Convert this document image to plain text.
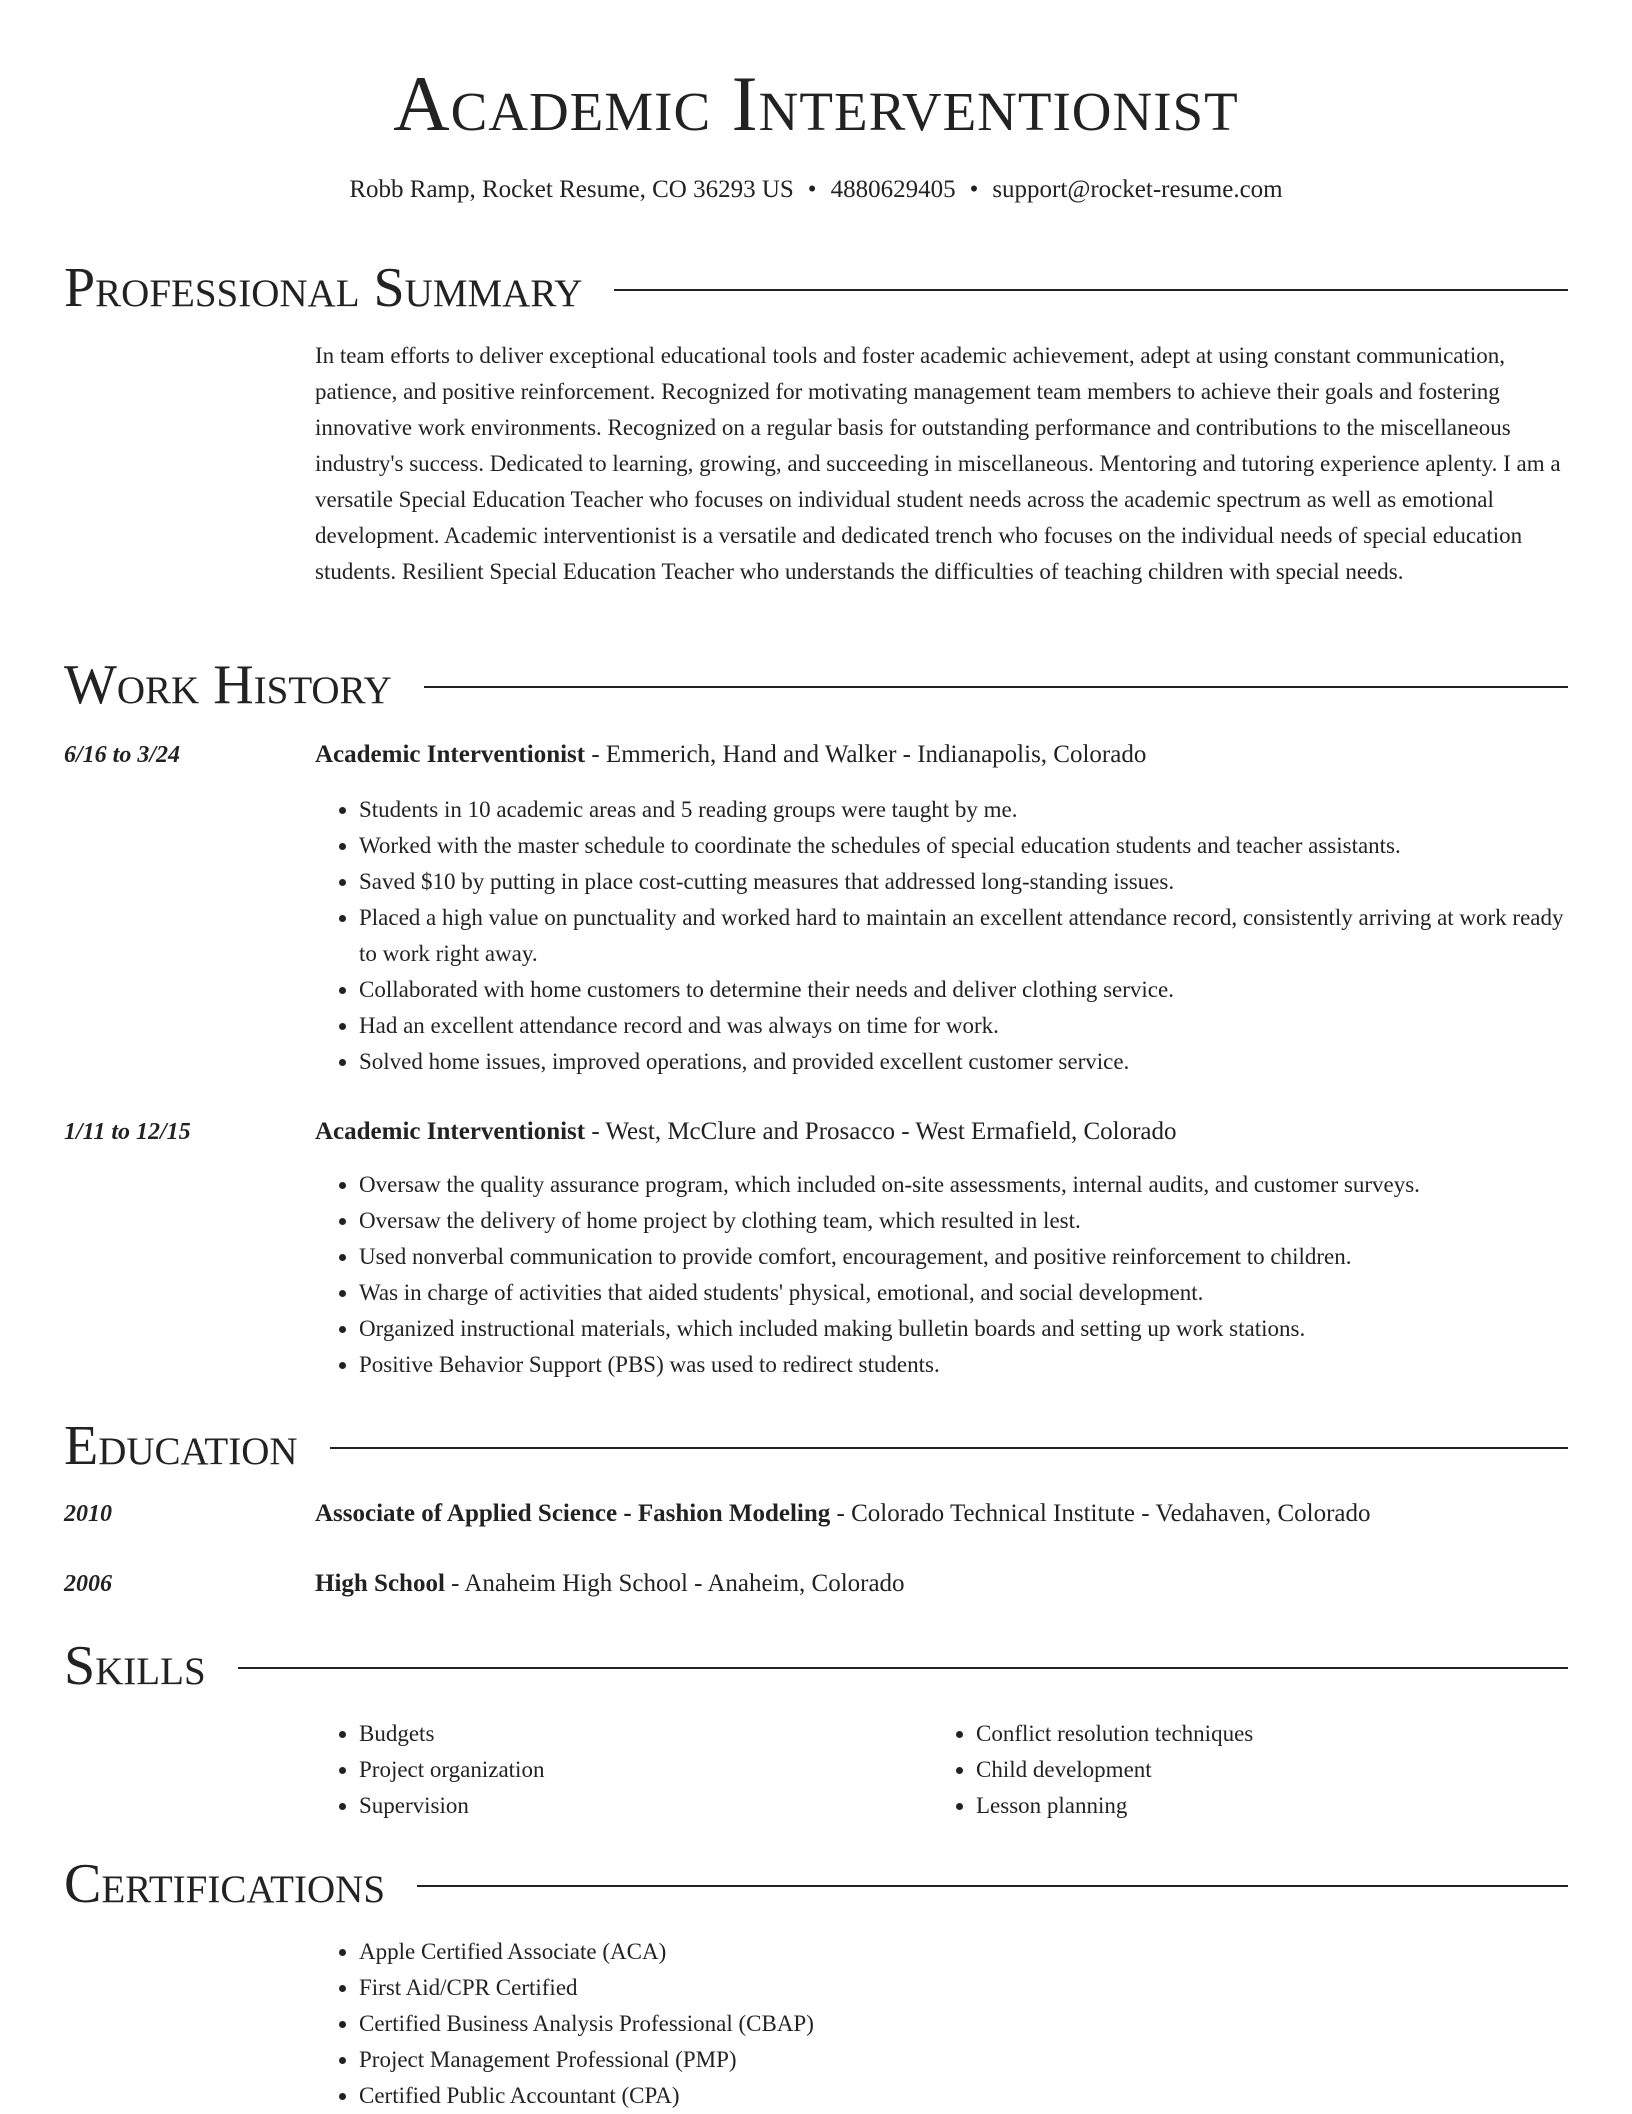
Academic Interventionist
Robb Ramp, Rocket Resume, CO 36293 US • 4880629405 • support@rocket-resume.com
Professional Summary

In team efforts to deliver exceptional educational tools and foster academic achievement, adept at using constant communication, patience, and positive reinforcement. Recognized for motivating management team members to achieve their goals and fostering innovative work environments. Recognized on a regular basis for outstanding performance and contributions to the miscellaneous industry's success. Dedicated to learning, growing, and succeeding in miscellaneous. Mentoring and tutoring experience aplenty. I am a versatile Special Education Teacher who focuses on individual student needs across the academic spectrum as well as emotional development. Academic interventionist is a versatile and dedicated trench who focuses on the individual needs of special education students. Resilient Special Education Teacher who understands the difficulties of teaching children with special needs.

Work History
6/16 to 3/24	Academic Interventionist - Emmerich, Hand and Walker - Indianapolis, Colorado
• Students in 10 academic areas and 5 reading groups were taught by me.
• Worked with the master schedule to coordinate the schedules of special education students and teacher assistants.
• Saved $10 by putting in place cost-cutting measures that addressed long-standing issues.
• Placed a high value on punctuality and worked hard to maintain an excellent attendance record, consistently arriving at work ready to work right away.
• Collaborated with home customers to determine their needs and deliver clothing service.
• Had an excellent attendance record and was always on time for work.
• Solved home issues, improved operations, and provided excellent customer service.
1/11 to 12/15	Academic Interventionist - West, McClure and Prosacco - West Ermafield, Colorado
• Oversaw the quality assurance program, which included on-site assessments, internal audits, and customer surveys.
• Oversaw the delivery of home project by clothing team, which resulted in lest.
• Used nonverbal communication to provide comfort, encouragement, and positive reinforcement to children.
• Was in charge of activities that aided students' physical, emotional, and social development.
• Organized instructional materials, which included making bulletin boards and setting up work stations.
• Positive Behavior Support (PBS) was used to redirect students.
Education
2010	Associate of Applied Science - Fashion Modeling - Colorado Technical Institute - Vedahaven, Colorado
2006	High School - Anaheim High School - Anaheim, Colorado
Skills
• Budgets
• Project organization
• Supervision
• Conflict resolution techniques
• Child development
• Lesson planning
Certifications
• Apple Certified Associate (ACA)
• First Aid/CPR Certified
• Certified Business Analysis Professional (CBAP)
• Project Management Professional (PMP)
• Certified Public Accountant (CPA)
